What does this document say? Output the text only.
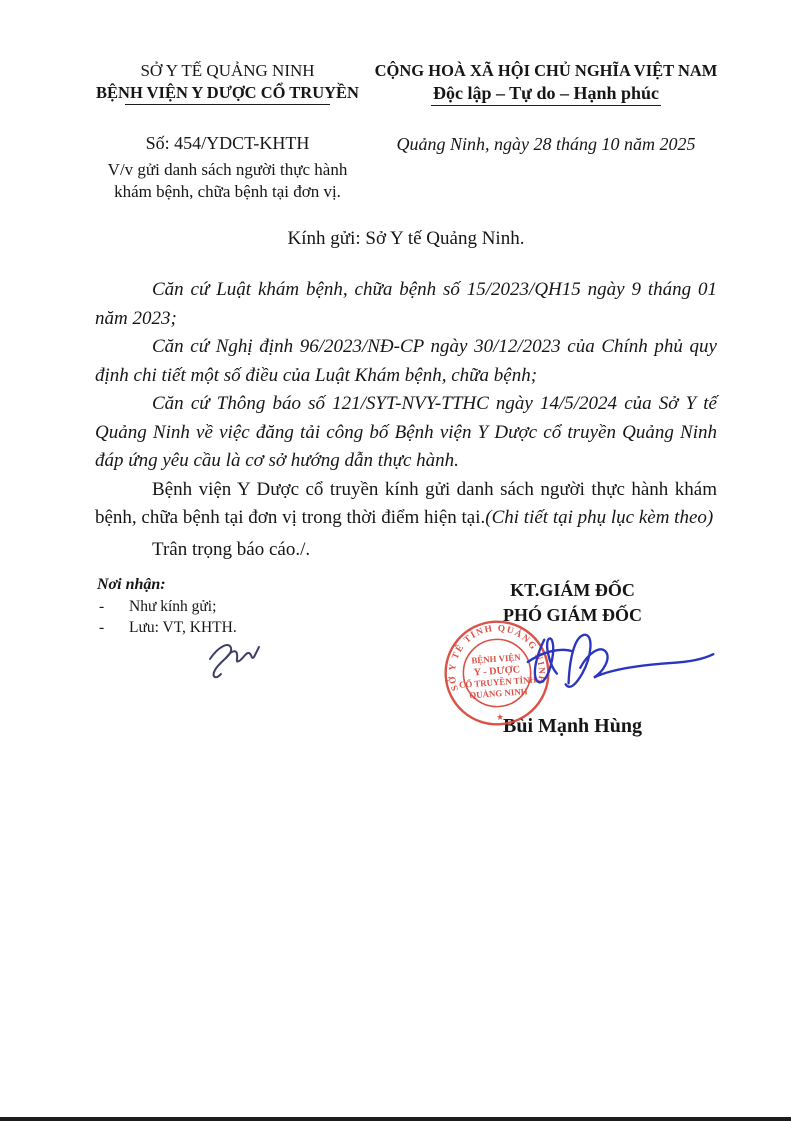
SỞ Y TẾ QUẢNG NINH
BỆNH VIỆN Y DƯỢC CỔ TRUYỀN
CỘNG HOÀ XÃ HỘI CHỦ NGHĨA VIỆT NAM
Độc lập – Tự do – Hạnh phúc
Số: 454/YDCT-KHTH	Quảng Ninh, ngày 28 tháng 10 năm 2025
V/v gửi danh sách người thực hành
khám bệnh, chữa bệnh tại đơn vị.
Kính gửi: Sở Y tế Quảng Ninh.

Căn cứ Luật khám bệnh, chữa bệnh số 15/2023/QH15 ngày 9 tháng 01 năm 2023;

Căn cứ Nghị định 96/2023/NĐ-CP ngày 30/12/2023 của Chính phủ quy định chi tiết một số điều của Luật Khám bệnh, chữa bệnh;

Căn cứ Thông báo số 121/SYT-NVY-TTHC ngày 14/5/2024 của Sở Y tế Quảng Ninh về việc đăng tải công bố Bệnh viện Y Dược cổ truyền Quảng Ninh đáp ứng yêu cầu là cơ sở hướng dẫn thực hành.

Bệnh viện Y Dược cổ truyền kính gửi danh sách người thực hành khám bệnh, chữa bệnh tại đơn vị trong thời điểm hiện tại.(Chi tiết tại phụ lục kèm theo)

Trân trọng báo cáo./.

Nơi nhận:
-	Như kính gửi;
-	Lưu: VT, KHTH.
KT.GIÁM ĐỐC
PHÓ GIÁM ĐỐC
SỞ Y TẾ TỈNH QUẢNG NINH
BỆNH VIỆN
Y - DƯỢC
CỔ TRUYỀN TỈNH
QUẢNG NINH
★ Bùi Mạnh Hùng
